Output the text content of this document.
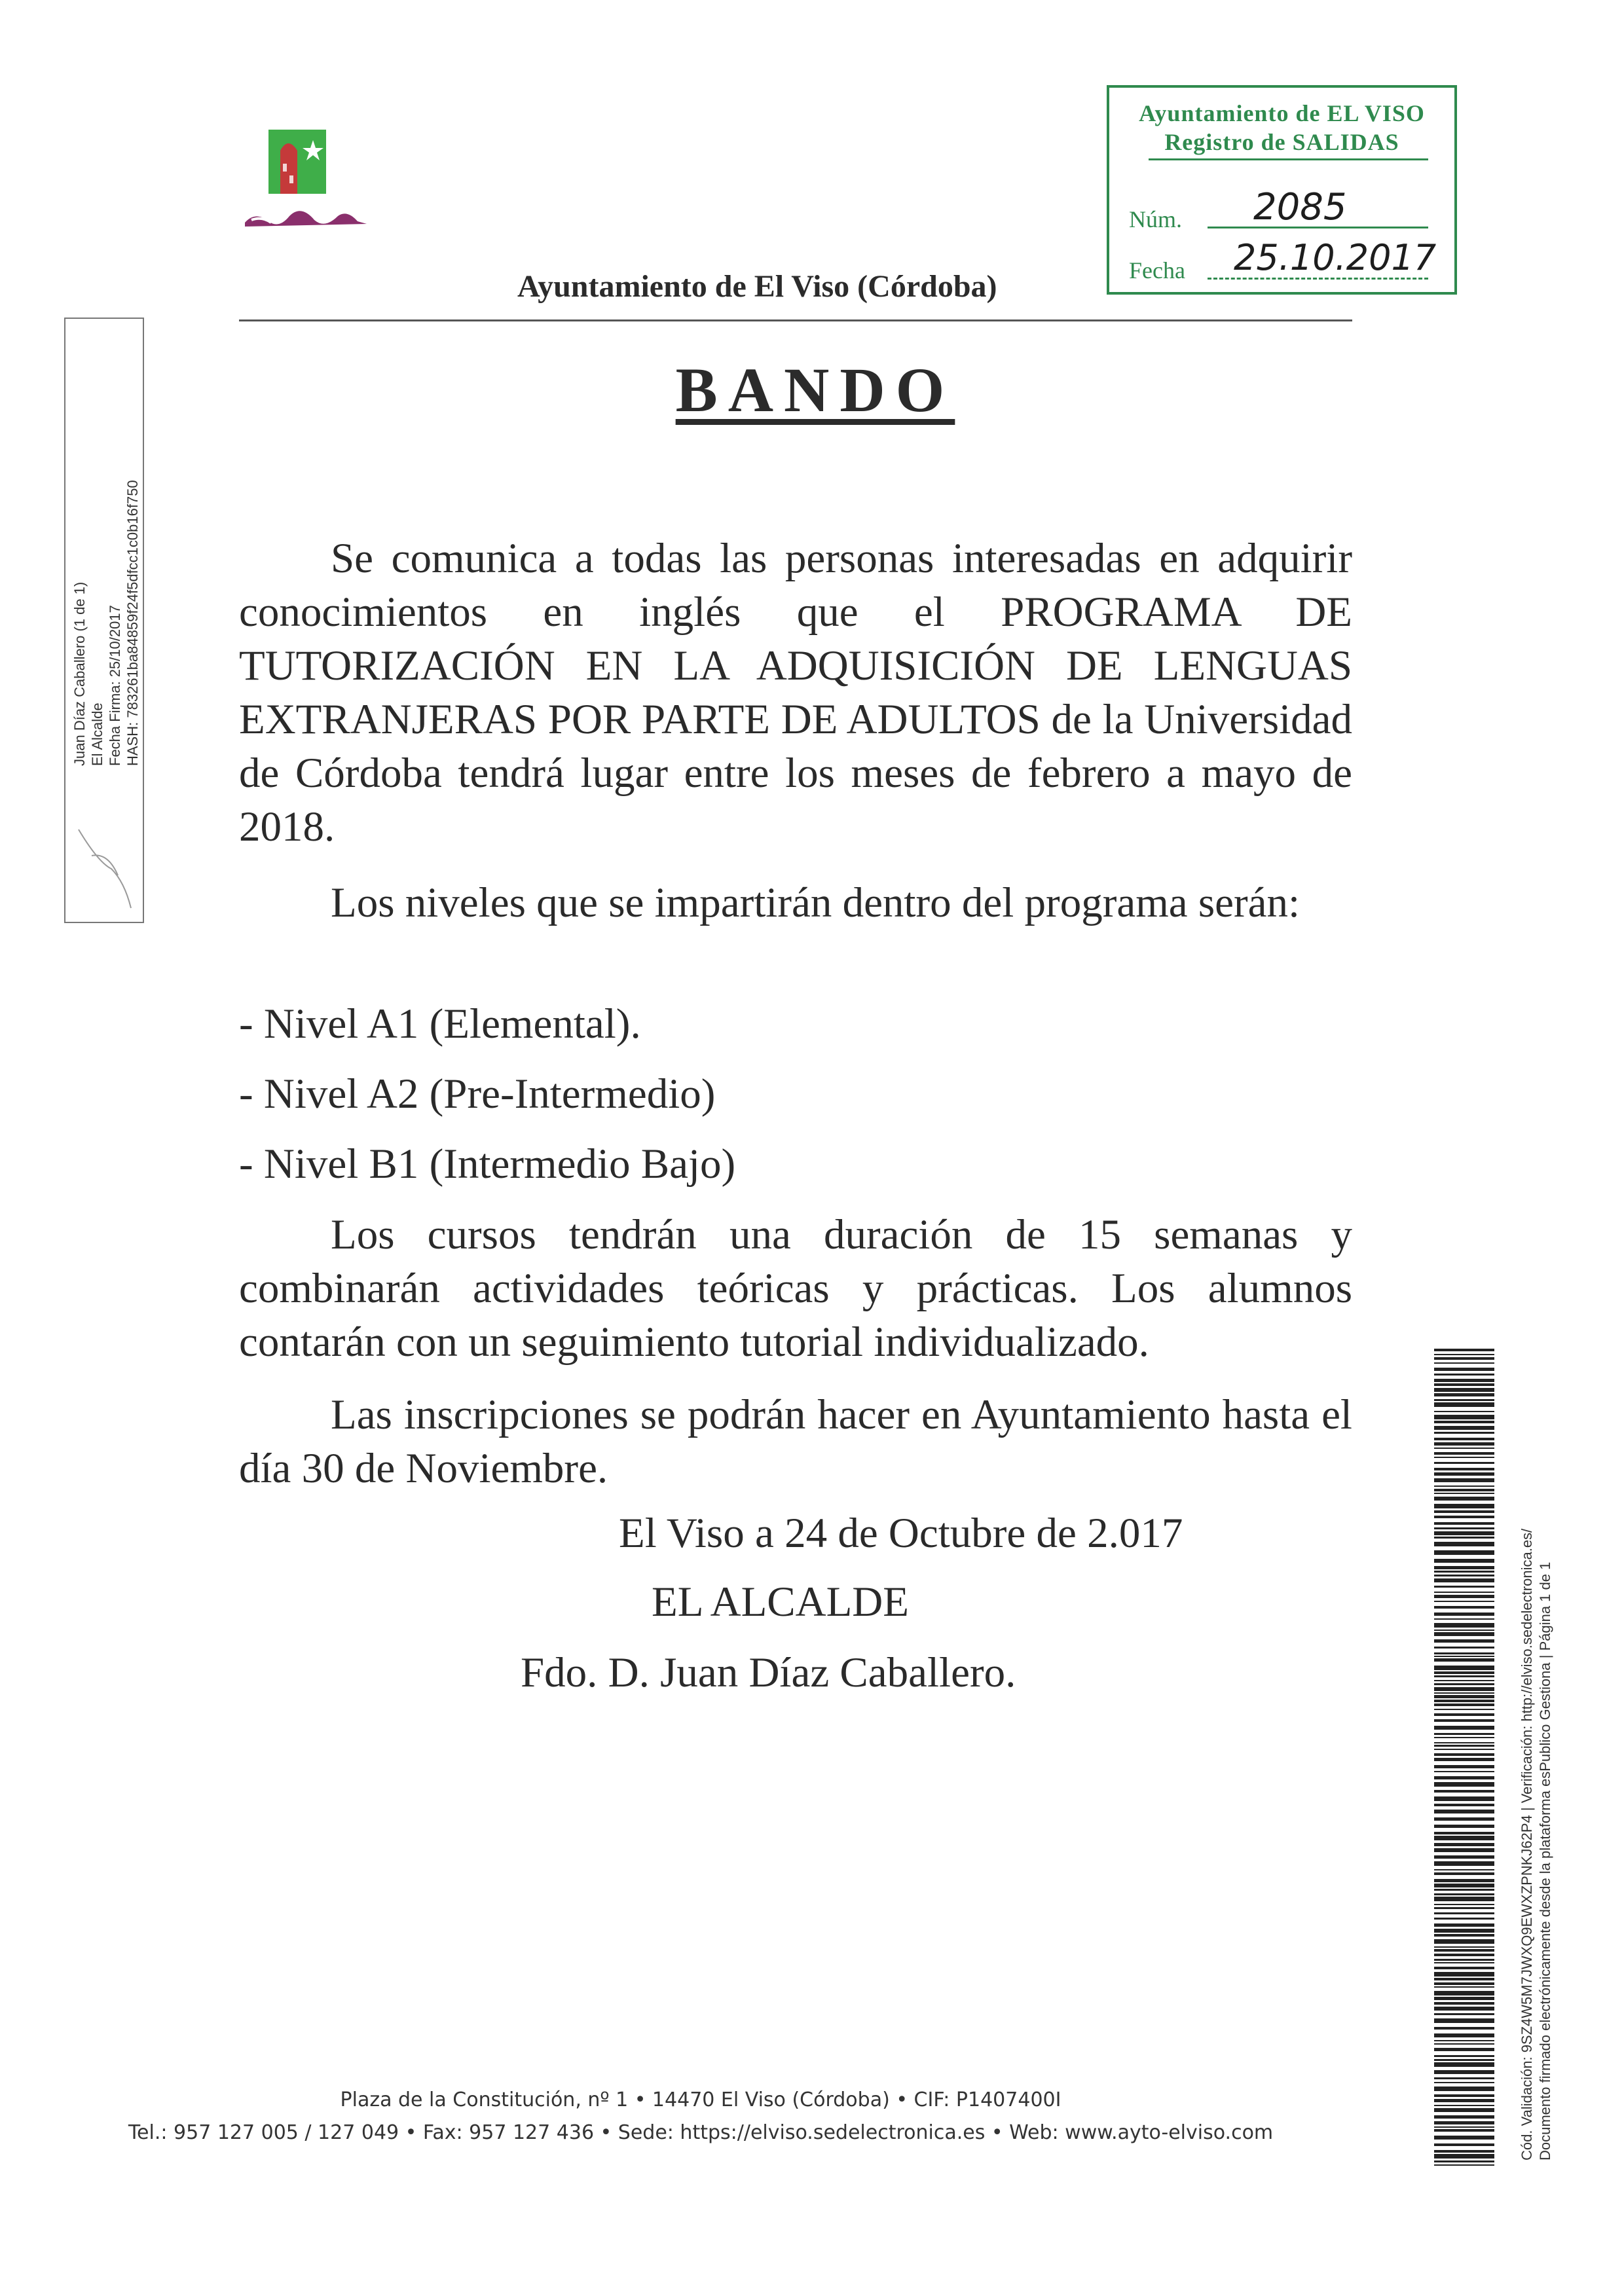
Ayuntamiento de EL VISO
Registro de SALIDAS
Núm. 2085
Fecha 25.10.2017
Ayuntamiento de El Viso (Córdoba)
Juan Díaz Caballero (1 de 1) El Alcalde Fecha Firma: 25/10/2017 HASH: 783261ba84859f24f5dfcc1c0b16f750
BANDO
Se comunica a todas las personas interesadas en adquirir conocimientos en inglés que el PROGRAMA DE TUTORIZACIÓN EN LA ADQUISICIÓN DE LENGUAS EXTRANJERAS POR PARTE DE ADULTOS de la Universidad de Córdoba tendrá lugar entre los meses de febrero a mayo de 2018.
Los niveles que se impartirán dentro del programa serán:
- Nivel A1 (Elemental).
- Nivel A2 (Pre-Intermedio)
- Nivel B1 (Intermedio Bajo)
Los cursos tendrán una duración de 15 semanas y combinarán actividades teóricas y prácticas. Los alumnos contarán con un seguimiento tutorial individualizado.
Las inscripciones se podrán hacer en Ayuntamiento hasta el día 30 de Noviembre.
El Viso a 24 de Octubre de 2.017
EL ALCALDE
Fdo. D. Juan Díaz Caballero.
Plaza de la Constitución, nº 1 • 14470 El Viso (Córdoba) • CIF: P1407400I
Tel.: 957 127 005 / 127 049 • Fax: 957 127 436 • Sede: https://elviso.sedelectronica.es • Web: www.ayto-elviso.com	Cód. Validación: 9SZ4W5M7JWXQ9EWXZPNKJ62P4 | Verificación: http://elviso.sedelectronica.es/ Documento firmado electrónicamente desde la plataforma esPublico Gestiona | Página 1 de 1
